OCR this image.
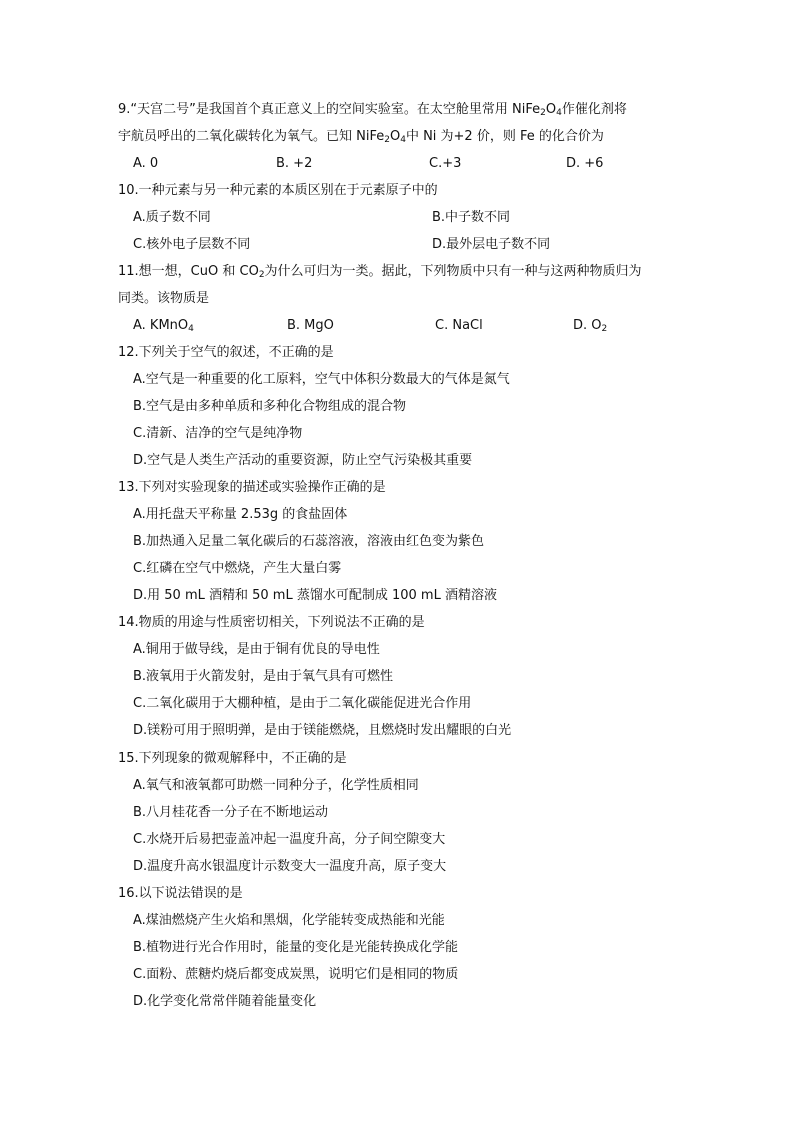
9.“天宫二号”是我国首个真正意义上的空间实验室。在太空舱里常用 $NiFe_2O_4$作催化剂将
宇航员呼出的二氧化碳转化为氧气。已知 $NiFe_2O_4$中 Ni 为+2 价，则 Fe 的化合价为
A. 0	B. +2	C.+3	D. +6
10.一种元素与另一种元素的本质区别在于元素原子中的
A.质子数不同	B.中子数不同
C.核外电子层数不同	D.最外层电子数不同
11.想一想，CuO 和 $CO_2$为什么可归为一类。据此，下列物质中只有一种与这两种物质归为
同类。该物质是
A. KMnO$_4$	B. MgO	C. NaCl	D. $O_2$
12.下列关于空气的叙述，不正确的是
A.空气是一种重要的化工原料，空气中体积分数最大的气体是氮气
B.空气是由多种单质和多种化合物组成的混合物
C.清新、洁净的空气是纯净物
D.空气是人类生产活动的重要资源，防止空气污染极其重要
13.下列对实验现象的描述或实验操作正确的是
A.用托盘天平称量 2.53g 的食盐固体
B.加热通入足量二氧化碳后的石蕊溶液，溶液由红色变为紫色
C.红磷在空气中燃烧，产生大量白雾
D.用 50 mL 酒精和 50 mL 蒸馏水可配制成 100 mL 酒精溶液
14.物质的用途与性质密切相关，下列说法不正确的是
A.铜用于做导线，是由于铜有优良的导电性
B.液氧用于火箭发射，是由于氧气具有可燃性
C.二氧化碳用于大棚种植，是由于二氧化碳能促进光合作用
D.镁粉可用于照明弹，是由于镁能燃烧，且燃烧时发出耀眼的白光
15.下列现象的微观解释中，不正确的是
A.氧气和液氧都可助燃一同种分子，化学性质相同
B.八月桂花香一分子在不断地运动
C.水烧开后易把壶盖冲起一温度升高，分子间空隙变大
D.温度升高水银温度计示数变大一温度升高，原子变大
16.以下说法错误的是
A.煤油燃烧产生火焰和黑烟，化学能转变成热能和光能
B.植物进行光合作用时，能量的变化是光能转换成化学能
C.面粉、蔗糖灼烧后都变成炭黑，说明它们是相同的物质
D.化学变化常常伴随着能量变化
